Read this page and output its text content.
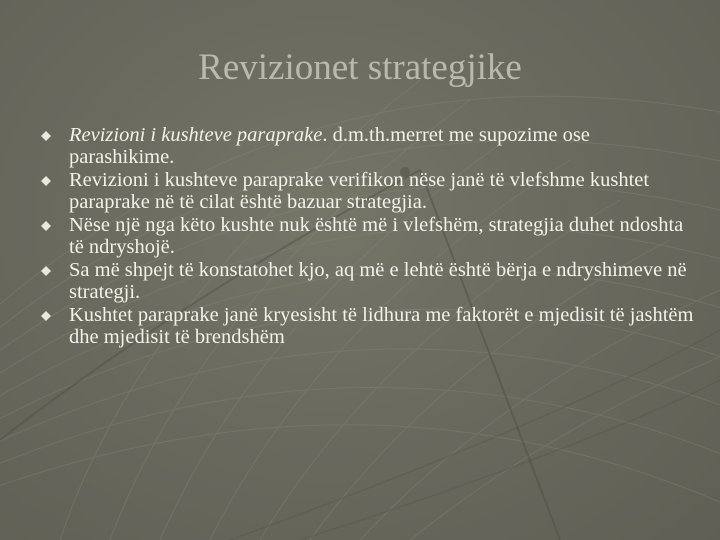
Revizionet strategjike
Revizioni i kushteve paraprake. d.m.th.merret me supozime ose parashikime.
Revizioni i kushteve paraprake verifikon nëse janë të vlefshme kushtet paraprake në të cilat është bazuar strategjia.
Nëse një nga këto kushte nuk është më i vlefshëm, strategjia duhet ndoshta të ndryshojë.
Sa më shpejt të konstatohet kjo, aq më e lehtë është bërja e ndryshimeve në strategji.
Kushtet paraprake janë kryesisht të lidhura me faktorët e mjedisit të jashtëm dhe mjedisit të brendshëm
